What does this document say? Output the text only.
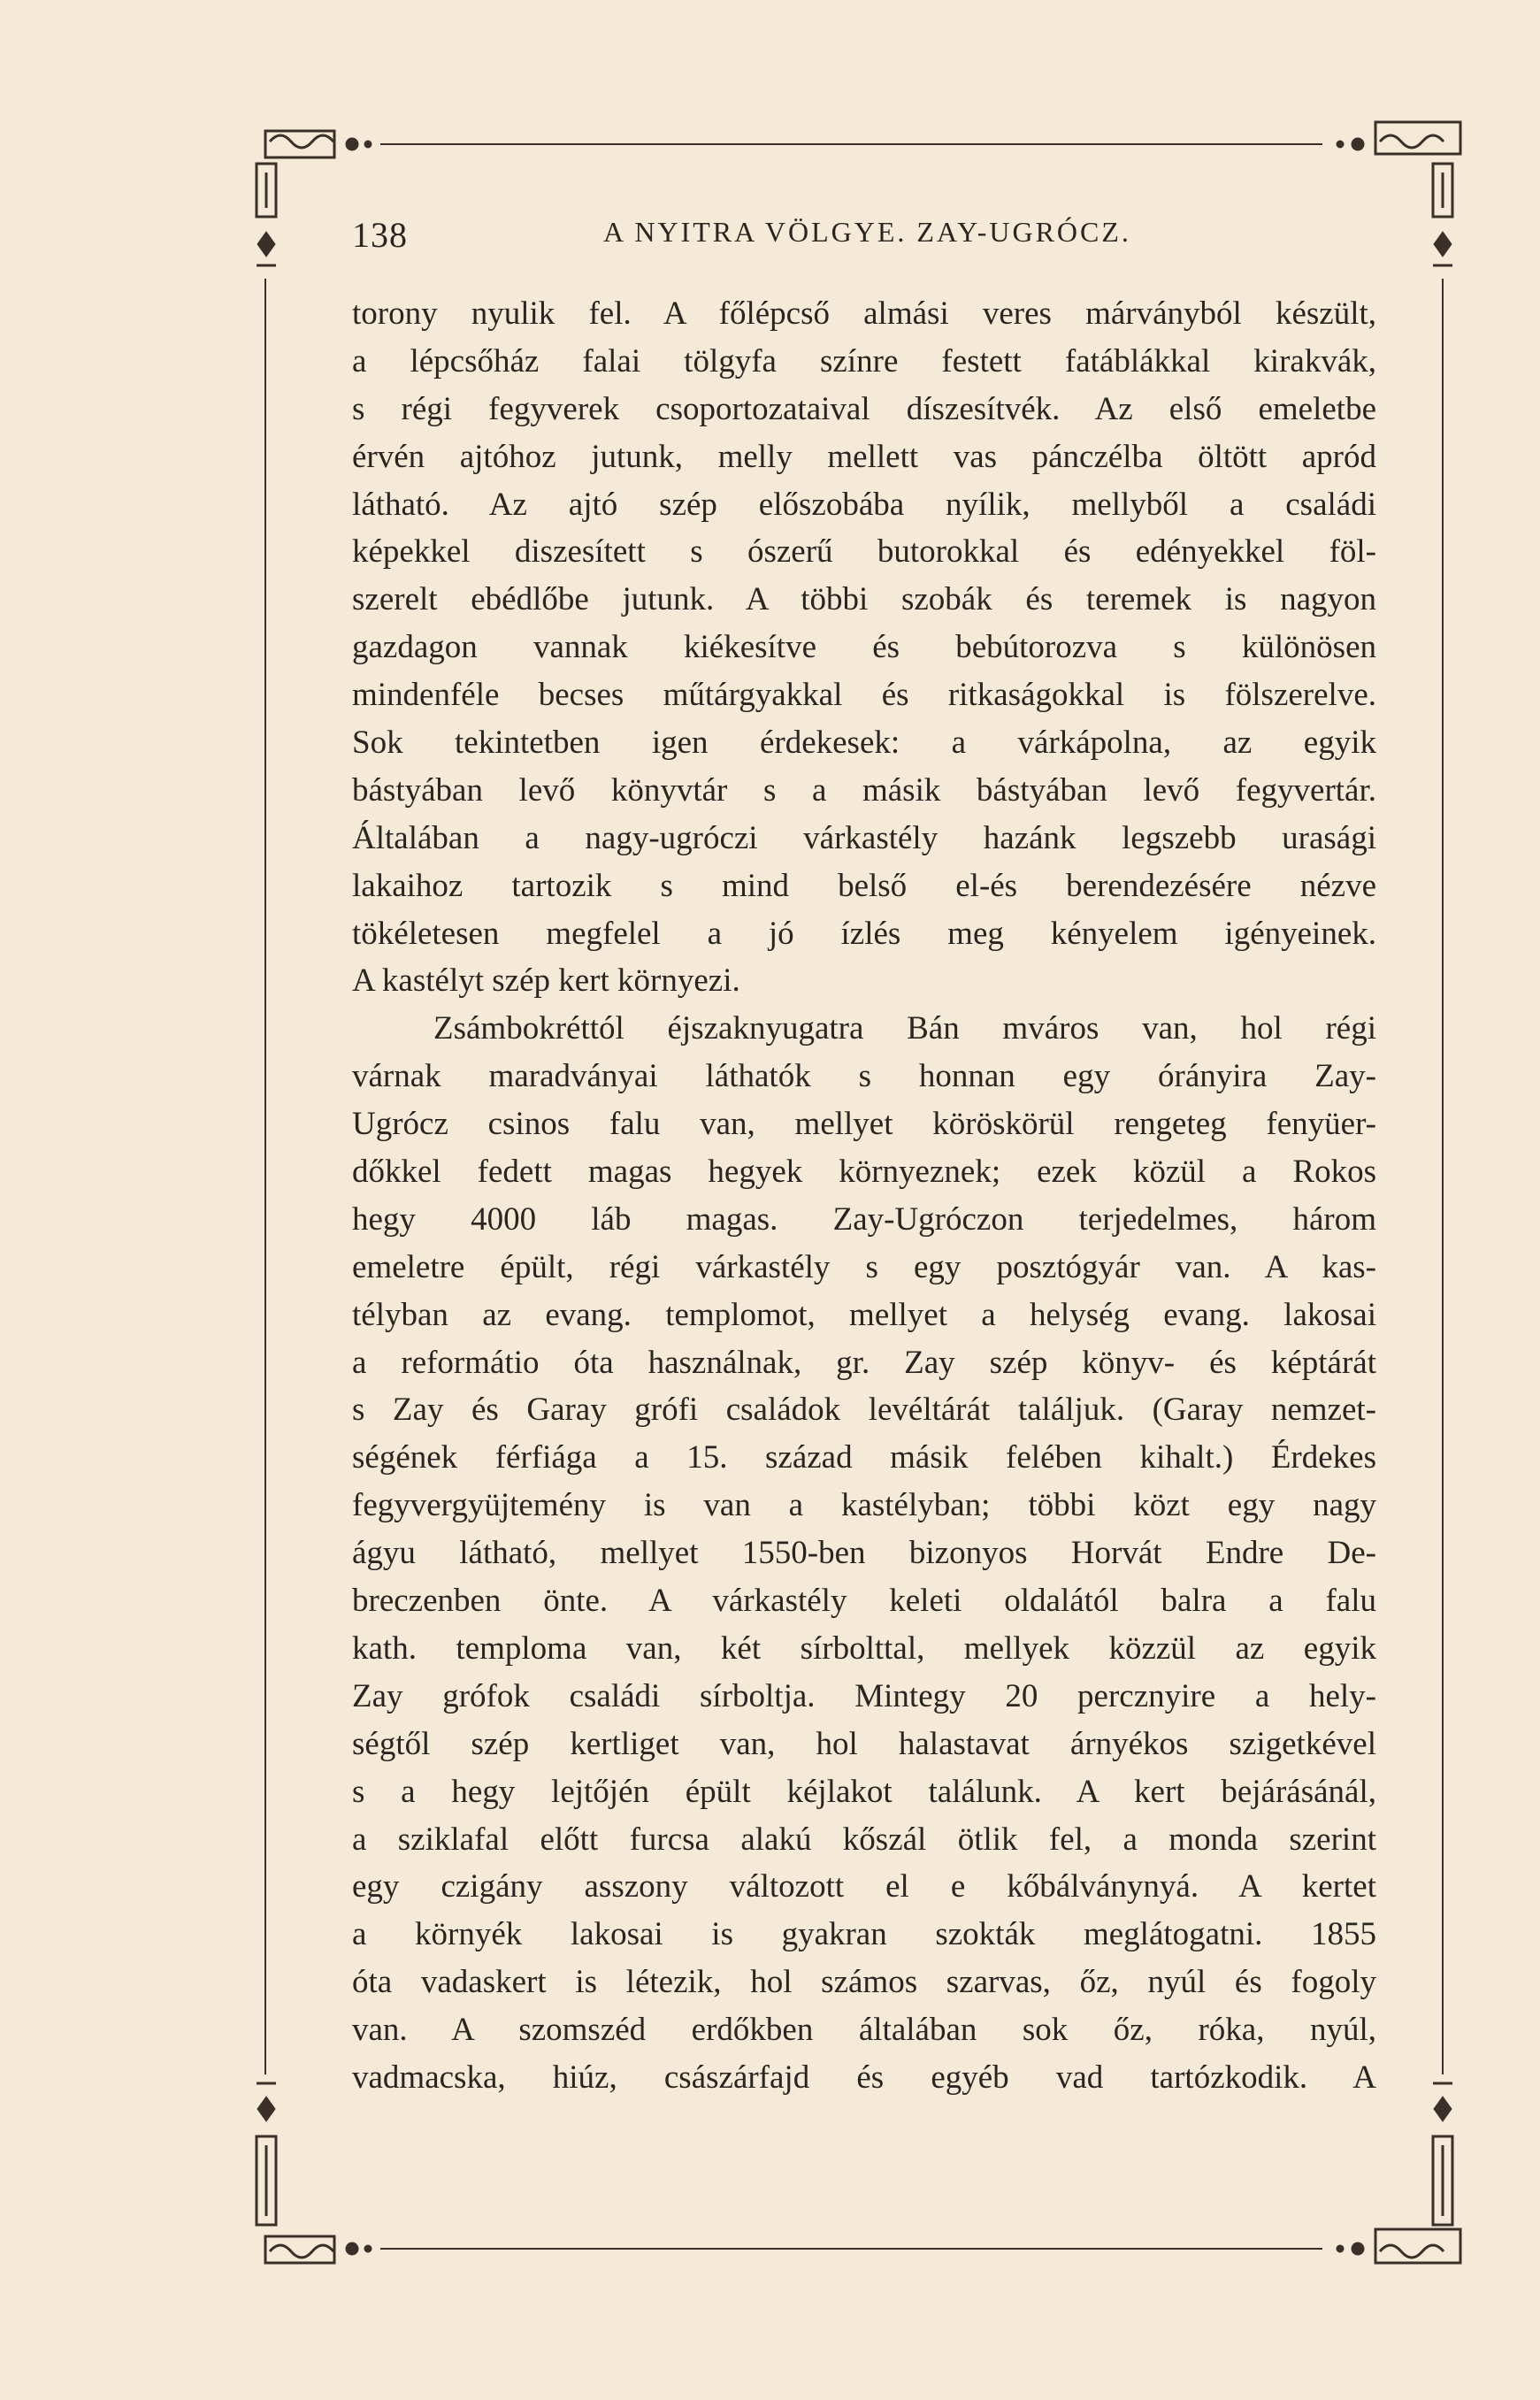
138	A NYITRA VÖLGYE. ZAY-UGRÓCZ.
torony nyulik fel. A főlépcső almási veres márványból készült,
a lépcsőház falai tölgyfa színre festett fatáblákkal kirakvák,
s régi fegyverek csoportozataival díszesítvék. Az első emeletbe
érvén ajtóhoz jutunk, melly mellett vas pánczélba öltött apród
látható. Az ajtó szép előszobába nyílik, mellyből a családi
képekkel diszesített s ószerű butorokkal és edényekkel föl-
szerelt ebédlőbe jutunk. A többi szobák és teremek is nagyon
gazdagon vannak kiékesítve és bebútorozva s különösen
mindenféle becses műtárgyakkal és ritkaságokkal is fölszerelve.
Sok tekintetben igen érdekesek: a várkápolna, az egyik
bástyában levő könyvtár s a másik bástyában levő fegyvertár.
Általában a nagy-ugróczi várkastély hazánk legszebb urasági
lakaihoz tartozik s mind belső el-és berendezésére nézve
tökéletesen megfelel a jó ízlés meg kényelem igényeinek.
A kastélyt szép kert környezi.
Zsámbokréttól éjszaknyugatra Bán mváros van, hol régi
várnak maradványai láthatók s honnan egy órányira Zay-
Ugrócz csinos falu van, mellyet köröskörül rengeteg fenyüer-
dőkkel fedett magas hegyek környeznek; ezek közül a Rokos
hegy 4000 láb magas. Zay-Ugróczon terjedelmes, három
emeletre épült, régi várkastély s egy posztógyár van. A kas-
télyban az evang. templomot, mellyet a helység evang. lakosai
a reformátio óta használnak, gr. Zay szép könyv- és képtárát
s Zay és Garay grófi családok levéltárát találjuk. (Garay nemzet-
ségének férfiága a 15. század másik felében kihalt.) Érdekes
fegyvergyüjtemény is van a kastélyban; többi közt egy nagy
ágyu látható, mellyet 1550-ben bizonyos Horvát Endre De-
breczenben önte. A várkastély keleti oldalától balra a falu
kath. temploma van, két sírbolttal, mellyek közzül az egyik
Zay grófok családi sírboltja. Mintegy 20 percznyire a hely-
ségtől szép kertliget van, hol halastavat árnyékos szigetkével
s a hegy lejtőjén épült kéjlakot találunk. A kert bejárásánál,
a sziklafal előtt furcsa alakú kőszál ötlik fel, a monda szerint
egy czigány asszony változott el e kőbálványnyá. A kertet
a környék lakosai is gyakran szokták meglátogatni. 1855
óta vadaskert is létezik, hol számos szarvas, őz, nyúl és fogoly
van. A szomszéd erdőkben általában sok őz, róka, nyúl,
vadmacska, hiúz, császárfajd és egyéb vad tartózkodik. A
